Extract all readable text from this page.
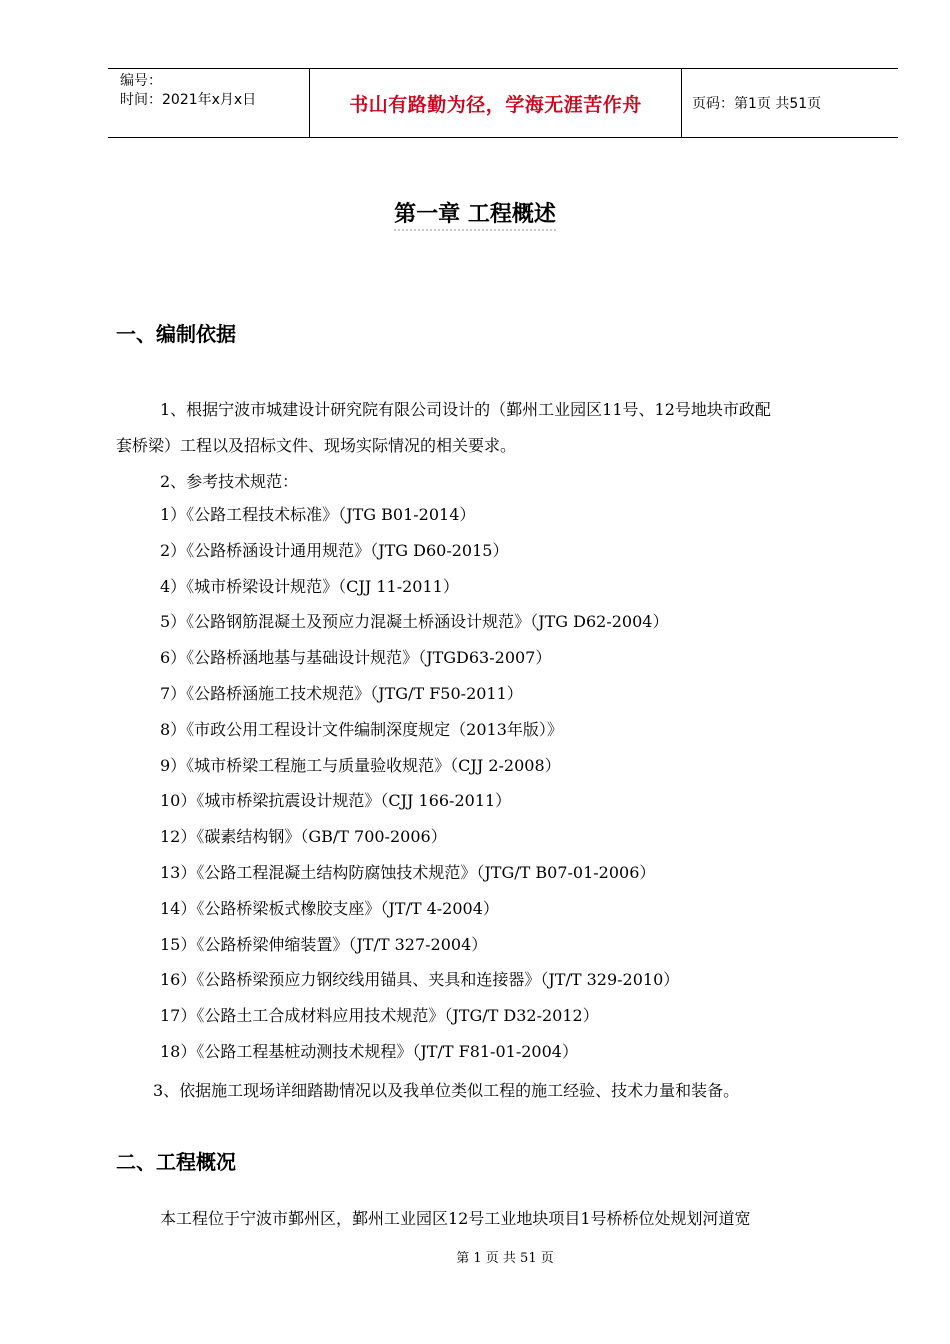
编号：
时间：2021年x月x日	书山有路勤为径，学海无涯苦作舟	页码：第1页 共51页
第一章 工程概述
一、编制依据
1、根据宁波市城建设计研究院有限公司设计的（鄞州工业园区11号、12号地块市政配
套桥梁）工程以及招标文件、现场实际情况的相关要求。
2、参考技术规范：
1）《公路工程技术标准》（JTG B01-2014）
2）《公路桥涵设计通用规范》（JTG D60-2015）
4）《城市桥梁设计规范》（CJJ 11-2011）
5）《公路钢筋混凝土及预应力混凝土桥涵设计规范》（JTG D62-2004）
6）《公路桥涵地基与基础设计规范》（JTGD63-2007）
7）《公路桥涵施工技术规范》（JTG/T F50-2011）
8）《市政公用工程设计文件编制深度规定（2013年版）》
9）《城市桥梁工程施工与质量验收规范》（CJJ 2-2008）
10）《城市桥梁抗震设计规范》（CJJ 166-2011）
12）《碳素结构钢》（GB/T 700-2006）
13）《公路工程混凝土结构防腐蚀技术规范》（JTG/T B07-01-2006）
14）《公路桥梁板式橡胶支座》（JT/T 4-2004）
15）《公路桥梁伸缩装置》（JT/T 327-2004）
16）《公路桥梁预应力钢绞线用锚具、夹具和连接器》（JT/T 329-2010）
17）《公路土工合成材料应用技术规范》（JTG/T D32-2012）
18）《公路工程基桩动测技术规程》（JT/T F81-01-2004）
3、依据施工现场详细踏勘情况以及我单位类似工程的施工经验、技术力量和装备。
二、工程概况
本工程位于宁波市鄞州区，鄞州工业园区12号工业地块项目1号桥桥位处规划河道宽
第 1 页 共 51 页
